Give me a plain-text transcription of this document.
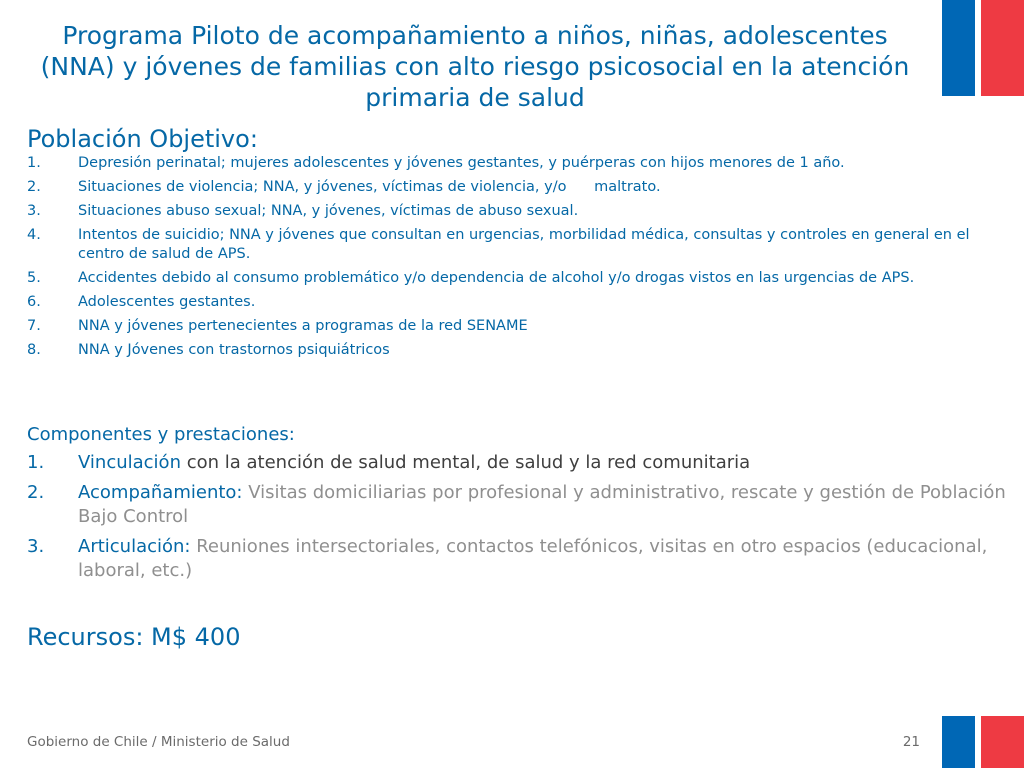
Programa Piloto de acompañamiento a niños, niñas, adolescentes (NNA) y jóvenes de familias con alto riesgo psicosocial en la atención primaria de salud
Población Objetivo:
1.	Depresión perinatal; mujeres adolescentes y jóvenes gestantes, y puérperas con hijos menores de 1 año.
2.	Situaciones de violencia; NNA, y jóvenes, víctimas de violencia, y/o      maltrato.
3.	Situaciones abuso sexual; NNA, y jóvenes, víctimas de abuso sexual.
4.	Intentos de suicidio; NNA y jóvenes que consultan en urgencias, morbilidad médica, consultas y controles en general en el centro de salud de APS.
5.	Accidentes debido al consumo problemático y/o dependencia de alcohol y/o drogas vistos en las urgencias de APS.
6.	Adolescentes gestantes.
7.	NNA y jóvenes pertenecientes a programas de la red SENAME
8.	NNA y Jóvenes con trastornos psiquiátricos
Componentes y prestaciones:
1.	Vinculación con la atención de salud mental, de salud y la red comunitaria
2.	Acompañamiento: Visitas domiciliarias por profesional y administrativo, rescate y gestión de Población Bajo Control
3.	Articulación: Reuniones intersectoriales, contactos telefónicos, visitas en otro espacios (educacional, laboral, etc.)
Recursos: M$ 400
Gobierno de Chile / Ministerio de Salud	21
